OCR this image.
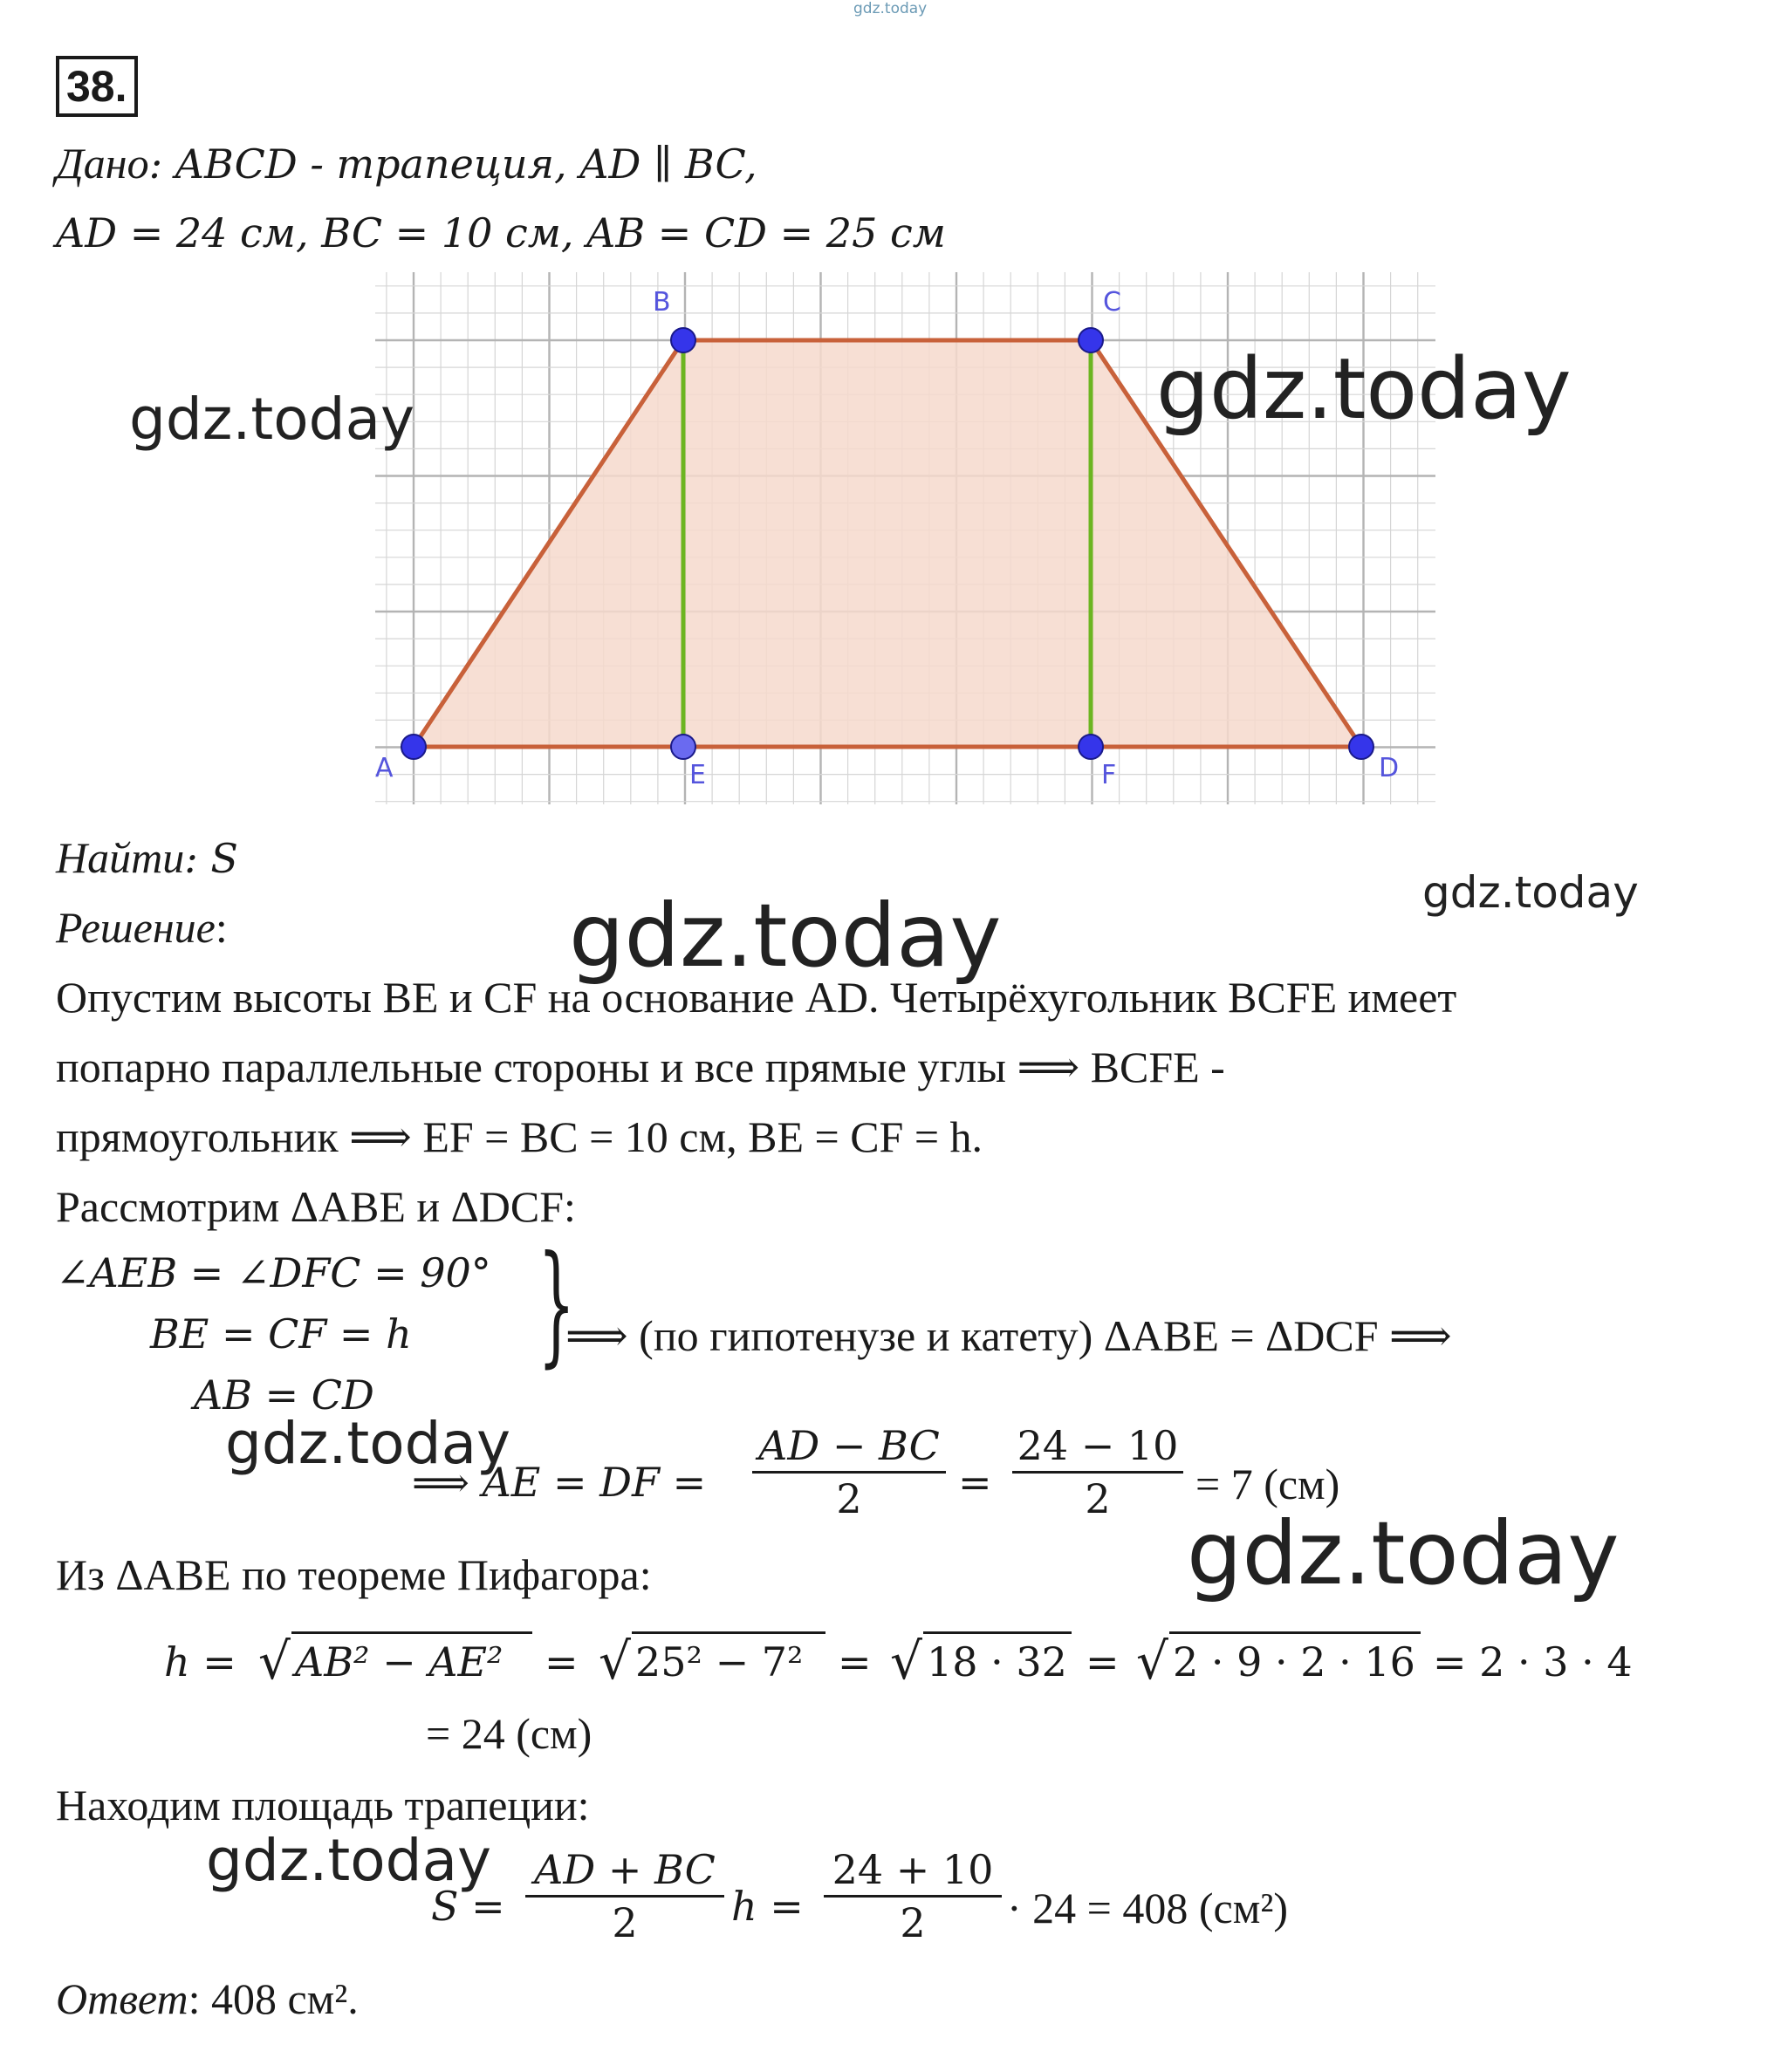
gdz.today
38.
Дано: ABCD - трапеция, AD ∥ BC,
AD = 24 см, BC = 10 см, AB = CD = 25 см
A
B	C
D
E	F
gdz.today	gdz.today
gdz.today
gdz.today
gdz.today
gdz.today
gdz.today
Найти: S
Решение:
Опустим высоты BE и CF на основание AD. Четырёхугольник BCFE имеет
попарно параллельные стороны и все прямые углы ⟹ BCFE -
прямоугольник ⟹ EF = BC = 10 см, BE = CF = h.
Рассмотрим ΔABE и ΔDCF:
∠AEB = ∠DFC = 90°
BE = CF = h
AB = CD
}
⟹ (по гипотенузе и катету) ΔABE = ΔDCF ⟹
⟹ AE = DF =
AD − BC
2	=
24 − 10
2	= 7 (см)
Из ΔABE по теореме Пифагора:
h = √ AB² − AE² = √ 25² − 7² = √ 18 · 32 = √ 2 · 9 · 2 · 16 = 2 · 3 · 4
= 24 (см)
Находим площадь трапеции:
S =
AD + BC
2	h =
24 + 10
2	· 24 = 408 (см²)
Ответ: 408 см².
